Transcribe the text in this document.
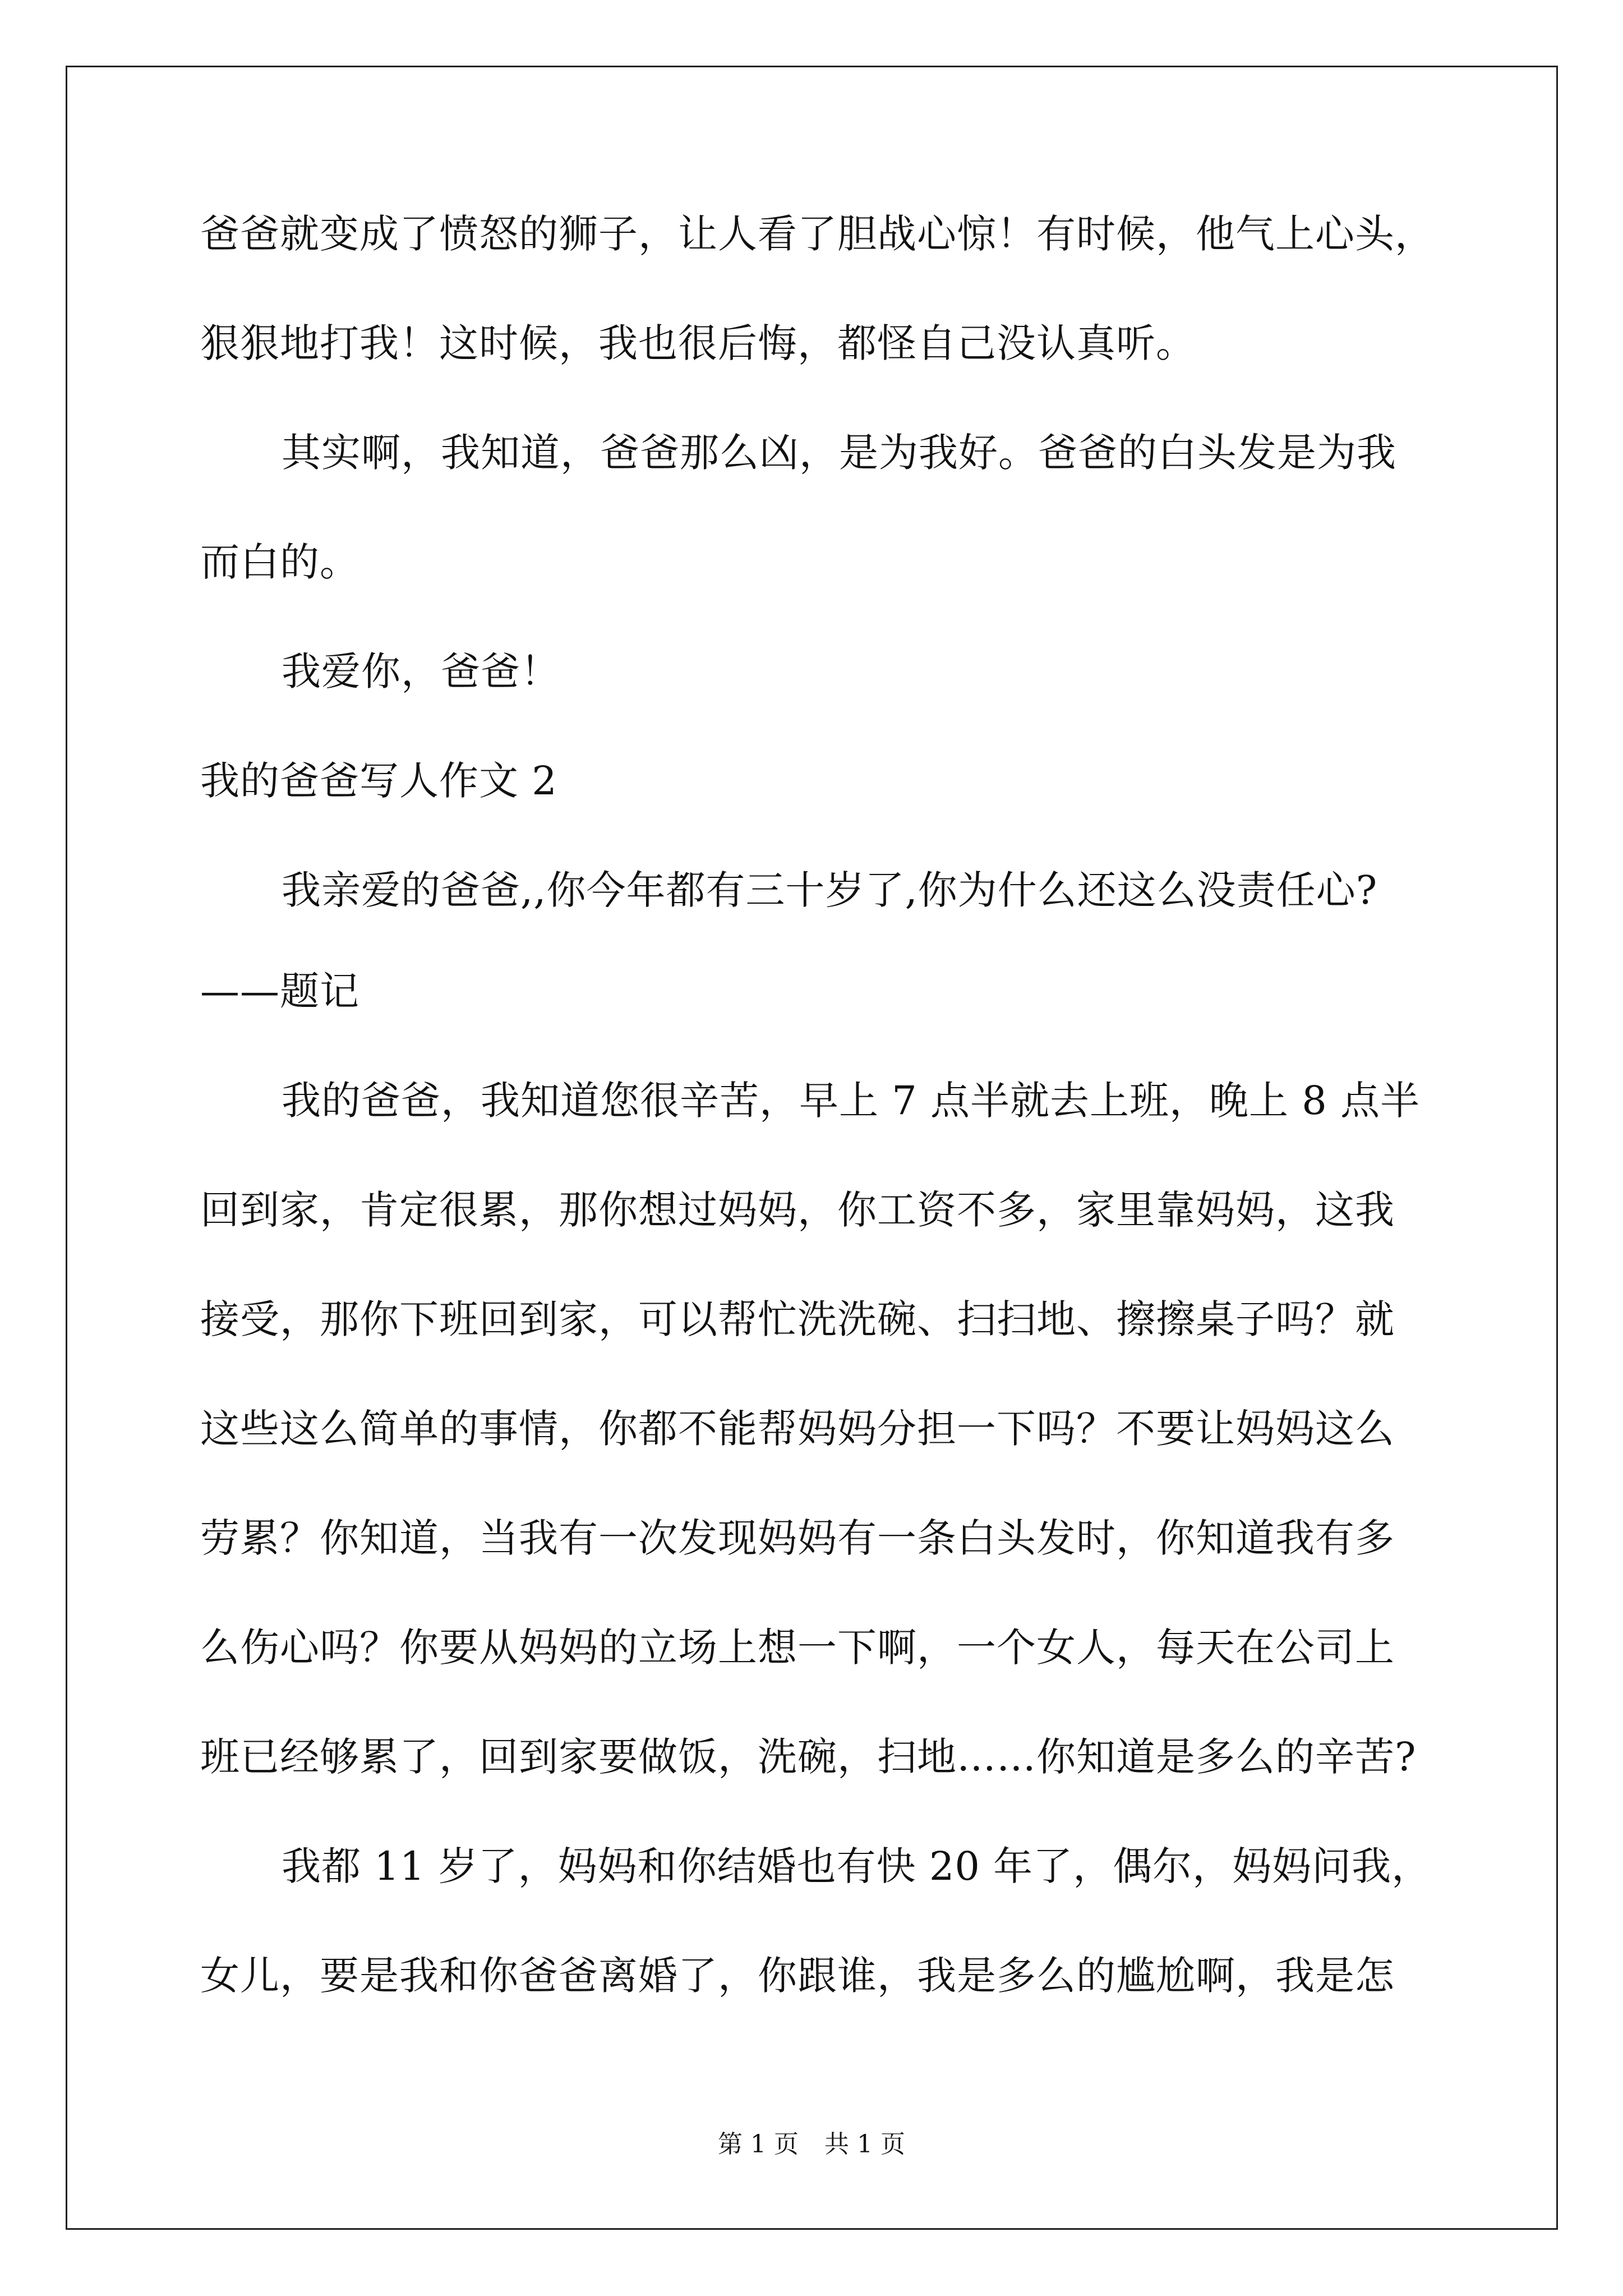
爸爸就变成了愤怒的狮子，让人看了胆战心惊！有时候，他气上心头，
狠狠地打我！这时候，我也很后悔，都怪自己没认真听。
其实啊，我知道，爸爸那么凶，是为我好。爸爸的白头发是为我
而白的。
我爱你，爸爸！
我的爸爸写人作文 2
我亲爱的爸爸,,你今年都有三十岁了,你为什么还这么没责任心?
——题记
我的爸爸，我知道您很辛苦，早上 7 点半就去上班，晚上 8 点半
回到家，肯定很累，那你想过妈妈，你工资不多，家里靠妈妈，这我
接受，那你下班回到家，可以帮忙洗洗碗、扫扫地、擦擦桌子吗？就
这些这么简单的事情，你都不能帮妈妈分担一下吗？不要让妈妈这么
劳累？你知道，当我有一次发现妈妈有一条白头发时，你知道我有多
么伤心吗？你要从妈妈的立场上想一下啊，一个女人，每天在公司上
班已经够累了，回到家要做饭，洗碗，扫地……你知道是多么的辛苦?
我都 11 岁了，妈妈和你结婚也有快 20 年了，偶尔，妈妈问我，
女儿，要是我和你爸爸离婚了，你跟谁，我是多么的尴尬啊，我是怎
第 1 页 共 1 页
